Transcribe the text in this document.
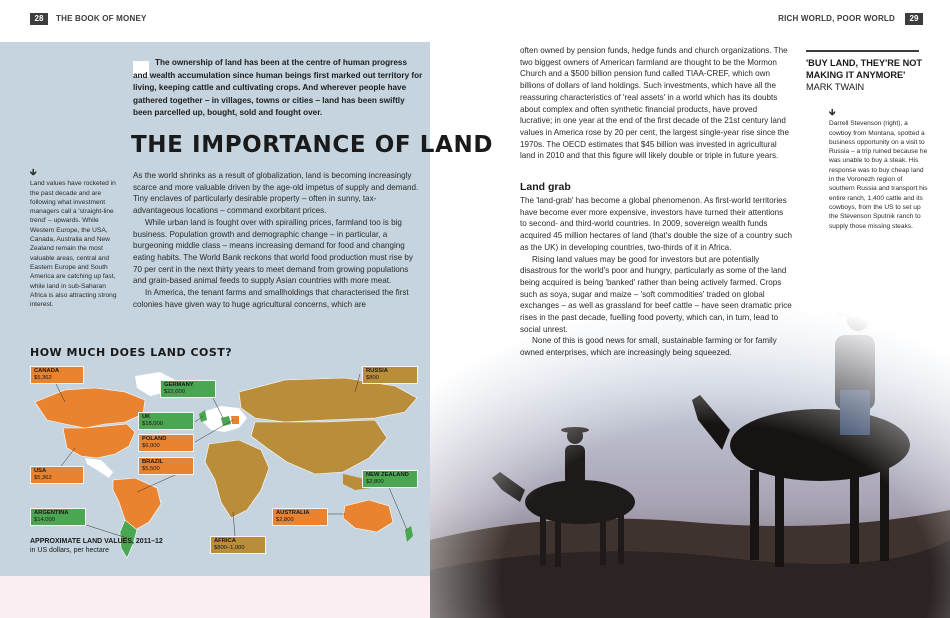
28	THE BOOK OF MONEY	RICH WORLD, POOR WORLD	29
The ownership of land has been at the centre of human progress and wealth accumulation since human beings first marked out territory for living, keeping cattle and cultivating crops. And wherever people have gathered together – in villages, towns or cities – land has been swiftly been parcelled up, bought, sold and fought over.
THE IMPORTANCE OF LAND

As the world shrinks as a result of globalization, land is becoming increasingly scarce and more valuable driven by the age-old impetus of supply and demand. Tiny enclaves of particularly desirable property – often in sunny, tax-advantageous locations – command exorbitant prices.

While urban land is fought over with spiralling prices, farmland too is big business. Population growth and demographic change – in particular, a burgeoning middle class – means increasing demand for food and changing eating habits. The World Bank reckons that world food production must rise by 70 per cent in the next thirty years to meet demand from growing populations and grain-based animal feeds to supply Asian countries with more meat.

In America, the tenant farms and smallholdings that characterised the first colonies have given way to huge agricultural concerns, which are

🡳
Land values have rocketed in the past decade and are following what investment managers call a 'straight-line trend' – upwards. While Western Europe, the USA, Canada, Australia and New Zealand remain the most valuable areas, central and Eastern Europe and South America are catching up fast, while land in sub-Saharan Africa is also attracting strong interest.
HOW MUCH DOES LAND COST?
CANADA
$5,362
GERMANY
$22,000
RUSSIA
$800
UK
$18,000
POLAND
$6,000
BRAZIL
$5,500
USA
$5,362	NEW ZEALAND
$2,800
ARGENTINA
$14,000
AUSTRALIA
$2,800
AFRICA
$800–1,000
APPROXIMATE LAND VALUES, 2011–12
in US dollars, per hectare

often owned by pension funds, hedge funds and church organizations. The two biggest owners of American farmland are thought to be the Mormon Church and a $500 billion pension fund called TIAA-CREF, which own billions of dollars of land holdings. Such investments, which have all the reassuring characteristics of 'real assets' in a world which has its doubts about complex and often synthetic financial products, have proved lucrative; in one year at the end of the first decade of the 21st century land values in America rose by 20 per cent, the largest single-year rise since the 1970s. The OECD estimates that $45 billion was invested in agricultural land in 2010 and that this figure will likely double or triple in future years.

Land grab

The 'land-grab' has become a global phenomenon. As first-world territories have become ever more expensive, investors have turned their attentions to second- and third-world countries. In 2009, sovereign wealth funds acquired 45 million hectares of land (that's double the size of a country such as the UK) in developing countries, two-thirds of it in Africa.

Rising land values may be good for investors but are potentially disastrous for the world's poor and hungry, particularly as some of the land being acquired is being 'banked' rather than being actively farmed. Crops such as soya, sugar and maize – 'soft commodities' traded on global exchanges – as well as grassland for beef cattle – have seen dramatic price rises in the past decade, fuelling food poverty, which can, in turn, lead to social unrest.

None of this is good news for small, sustainable farming or for family owned enterprises, which are increasingly being squeezed.

'BUY LAND, THEY'RE NOT MAKING IT ANYMORE'
MARK TWAIN
🡳
Darrell Stevenson (right), a cowboy from Montana, spotted a business opportunity on a visit to Russia – a trip ruined because he was unable to buy a steak. His response was to buy cheap land in the Voronezh region of southern Russia and transport his entire ranch, 1,400 cattle and its cowboys, from the US to set up the Stevenson Sputnik ranch to supply those missing steaks.
